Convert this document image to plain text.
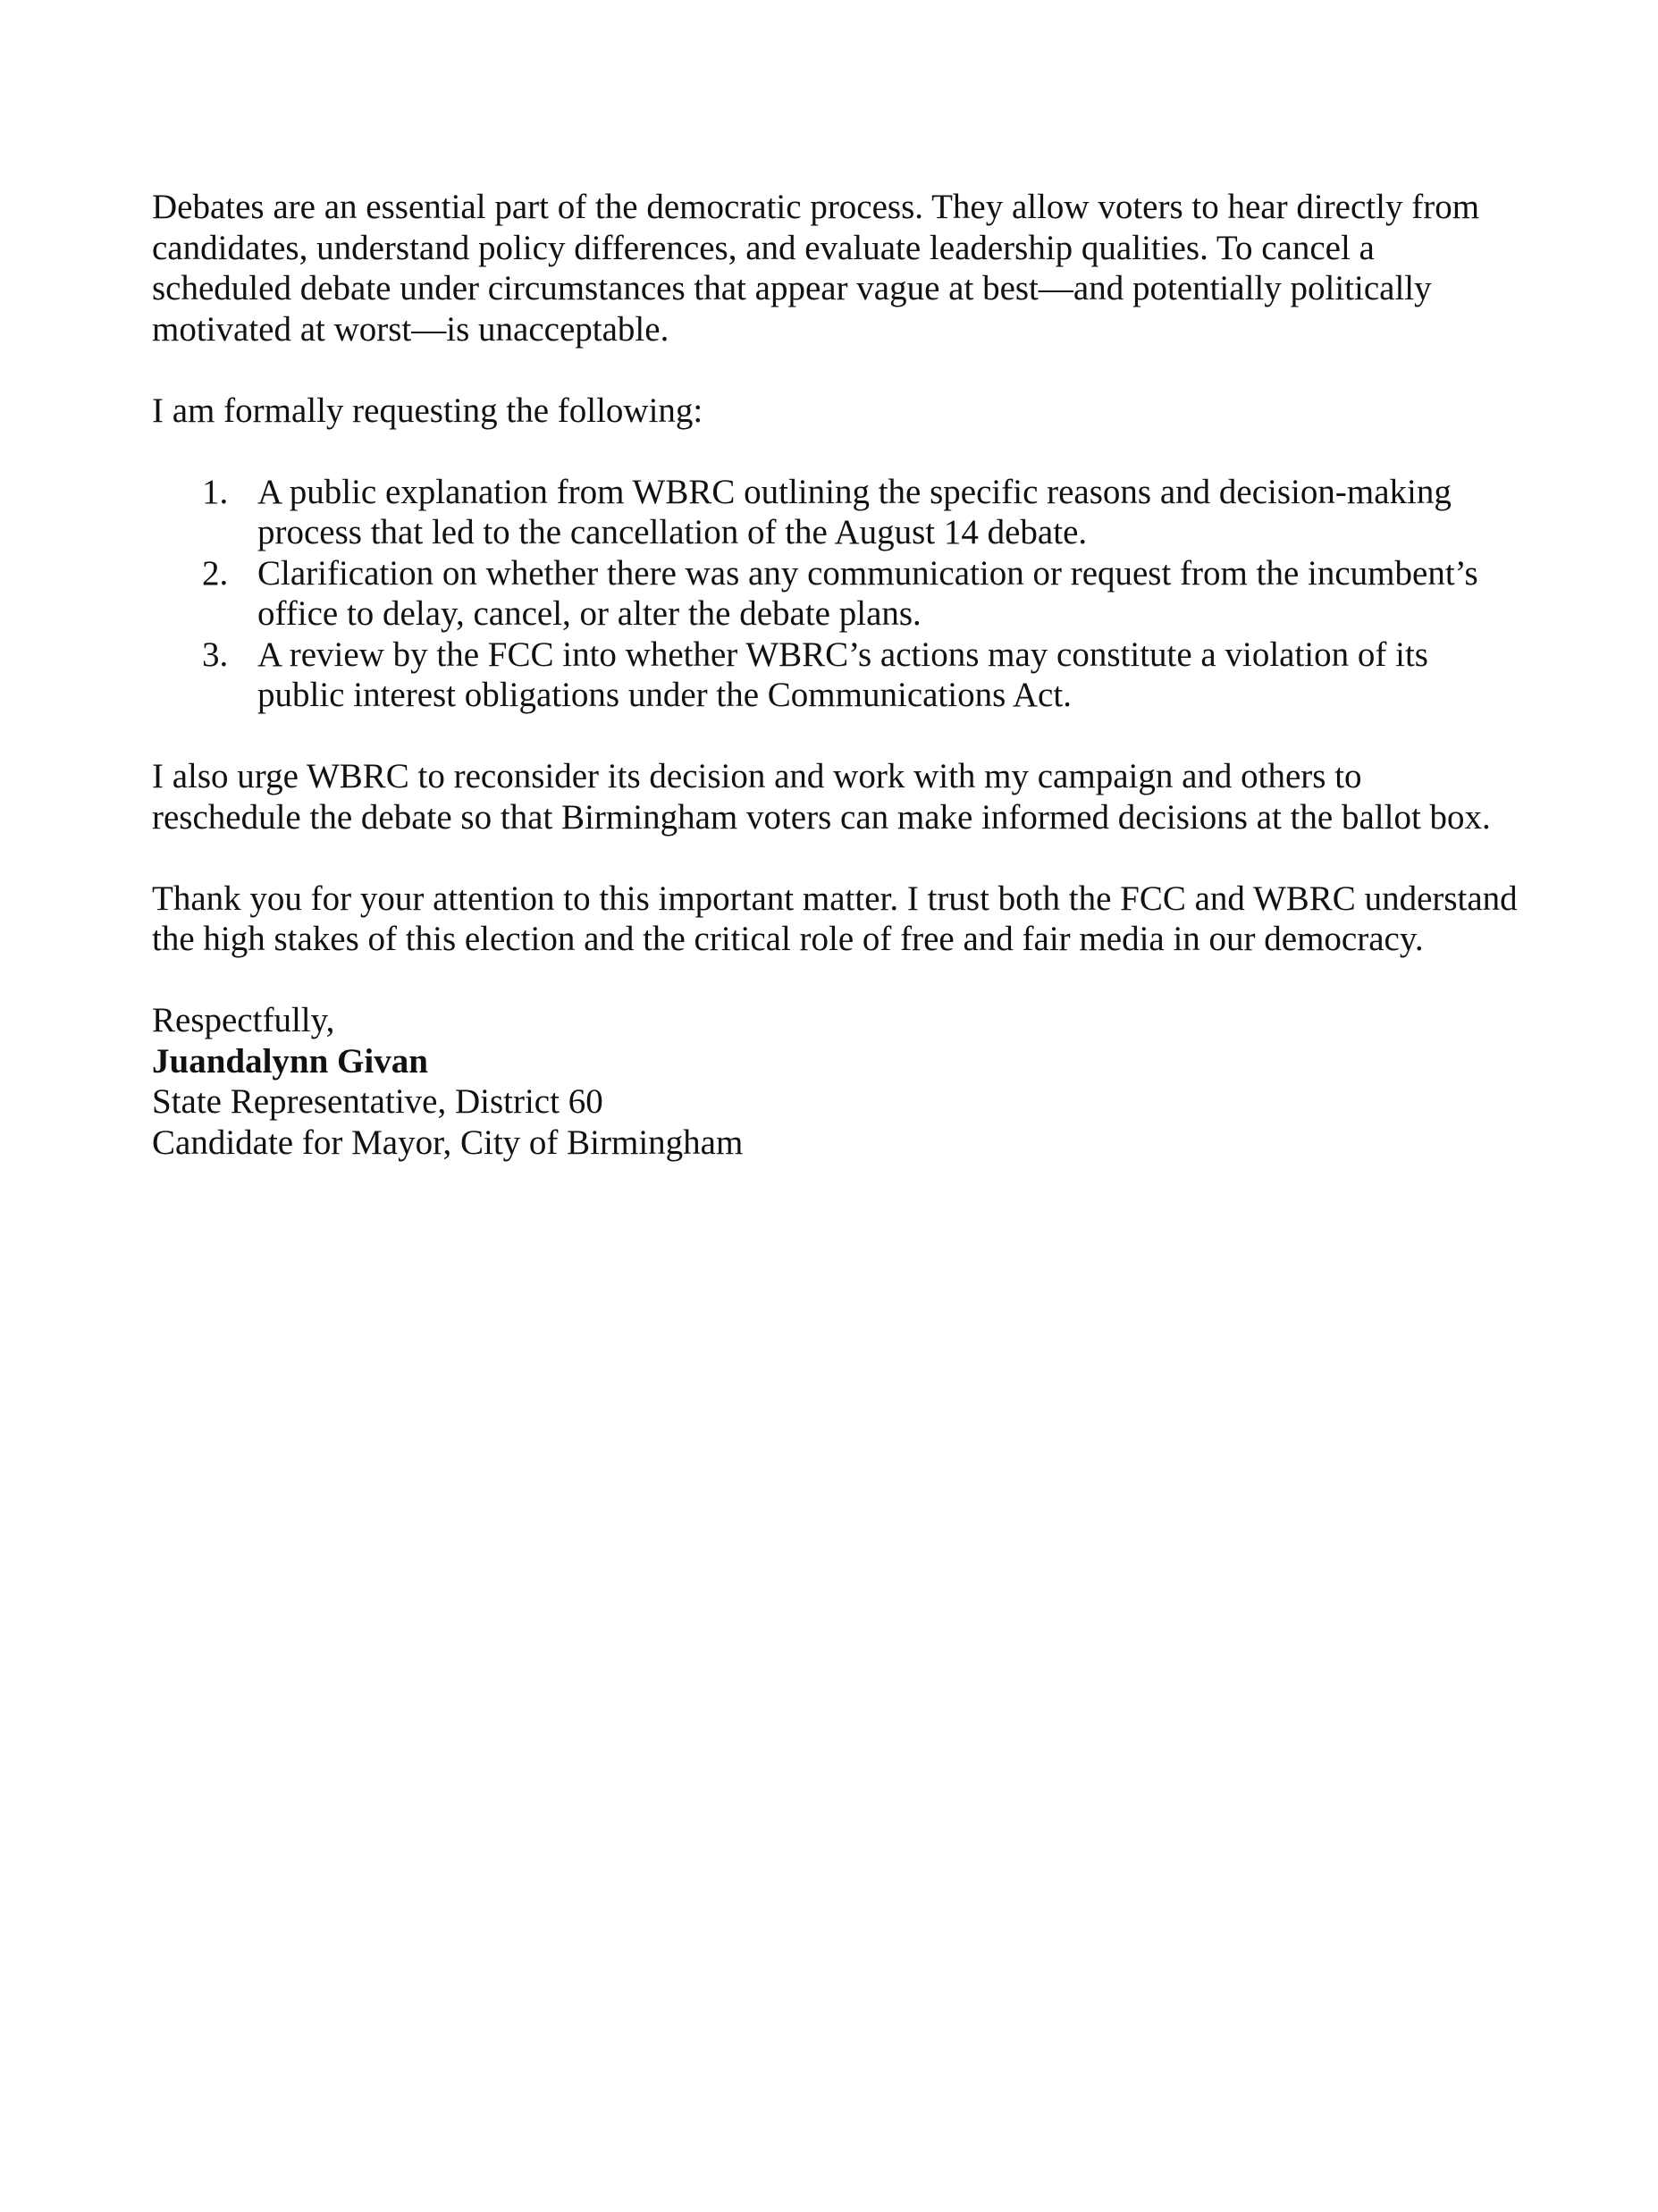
Debates are an essential part of the democratic process. They allow voters to hear directly from candidates, understand policy differences, and evaluate leadership qualities. To cancel a scheduled debate under circumstances that appear vague at best—and potentially politically motivated at worst—is unacceptable.

I am formally requesting the following:

1. A public explanation from WBRC outlining the specific reasons and decision-making process that led to the cancellation of the August 14 debate.
2. Clarification on whether there was any communication or request from the incumbent’s office to delay, cancel, or alter the debate plans.
3. A review by the FCC into whether WBRC’s actions may constitute a violation of its public interest obligations under the Communications Act.

I also urge WBRC to reconsider its decision and work with my campaign and others to reschedule the debate so that Birmingham voters can make informed decisions at the ballot box.

Thank you for your attention to this important matter. I trust both the FCC and WBRC understand the high stakes of this election and the critical role of free and fair media in our democracy.

Respectfully,
Juandalynn Givan
State Representative, District 60
Candidate for Mayor, City of Birmingham
